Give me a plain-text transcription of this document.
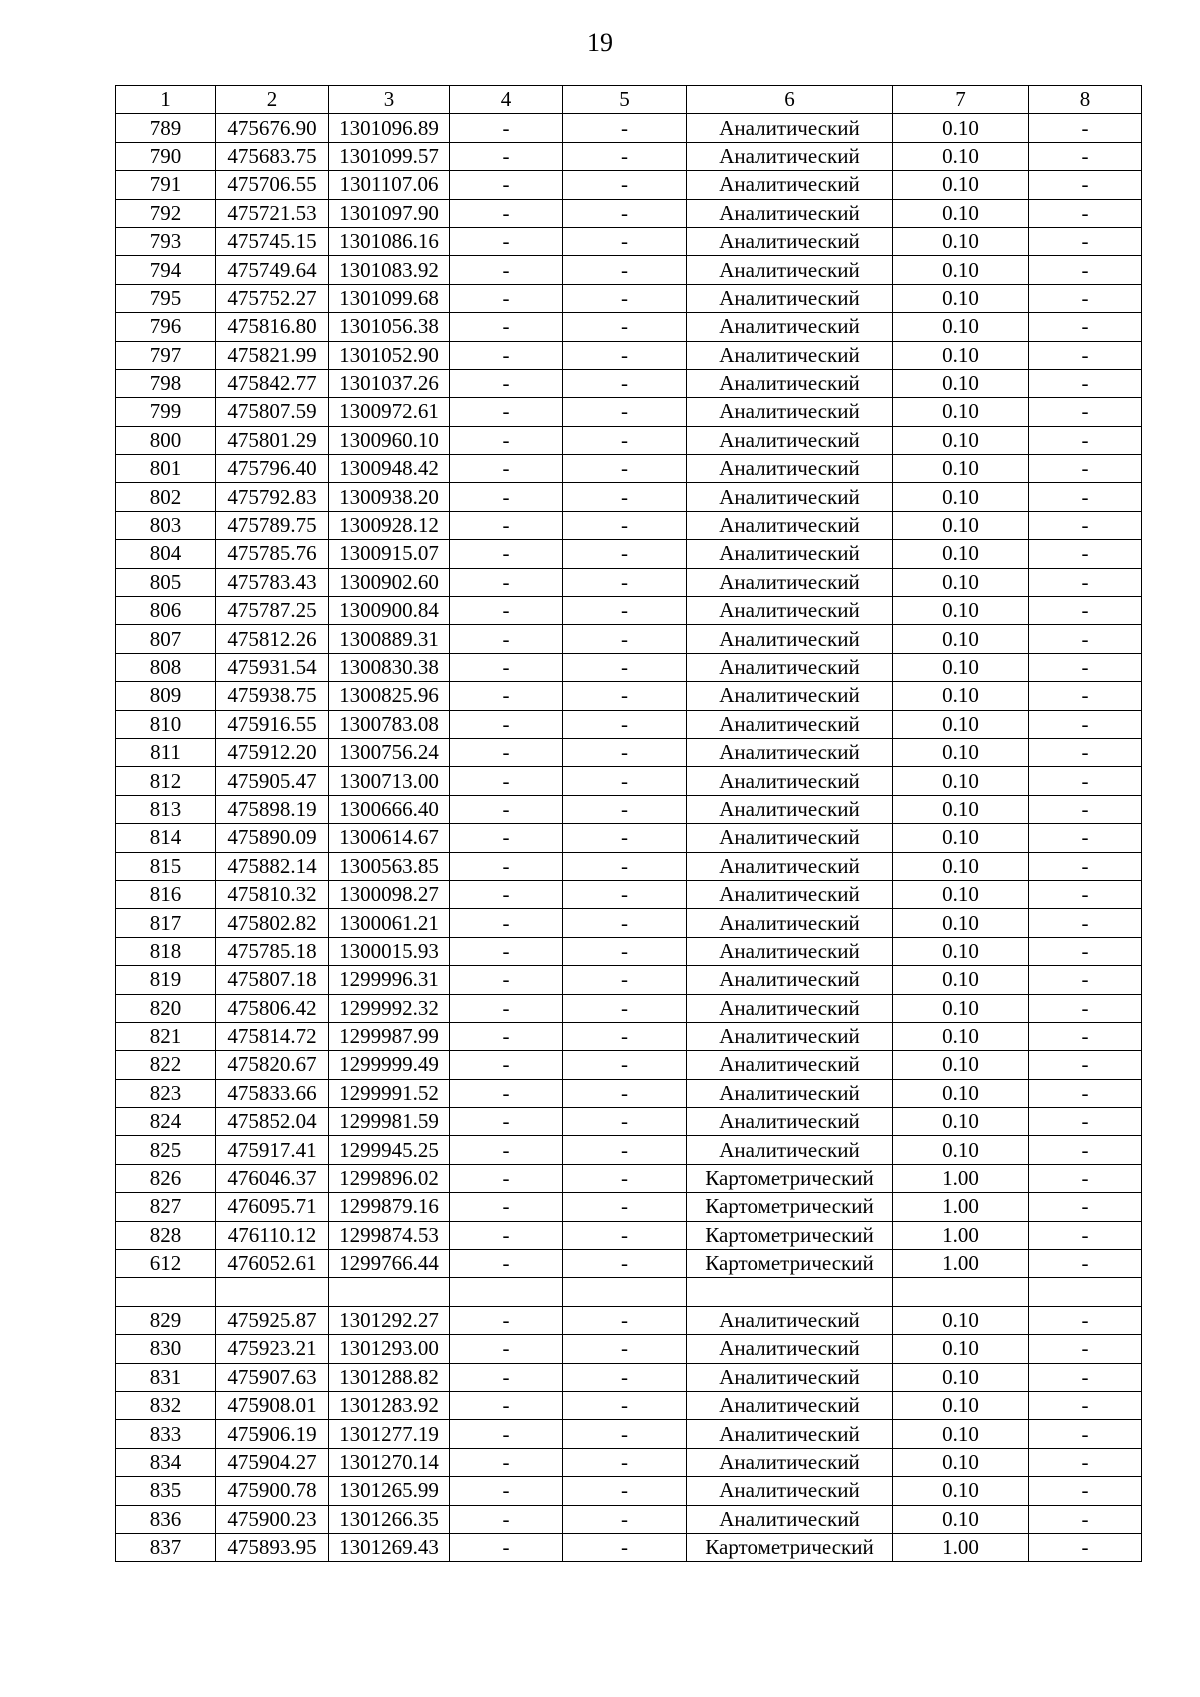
19
1	2	3	4	5	6	7	8
789	475676.90	1301096.89	-	-	Аналитический	0.10	-
790	475683.75	1301099.57	-	-	Аналитический	0.10	-
791	475706.55	1301107.06	-	-	Аналитический	0.10	-
792	475721.53	1301097.90	-	-	Аналитический	0.10	-
793	475745.15	1301086.16	-	-	Аналитический	0.10	-
794	475749.64	1301083.92	-	-	Аналитический	0.10	-
795	475752.27	1301099.68	-	-	Аналитический	0.10	-
796	475816.80	1301056.38	-	-	Аналитический	0.10	-
797	475821.99	1301052.90	-	-	Аналитический	0.10	-
798	475842.77	1301037.26	-	-	Аналитический	0.10	-
799	475807.59	1300972.61	-	-	Аналитический	0.10	-
800	475801.29	1300960.10	-	-	Аналитический	0.10	-
801	475796.40	1300948.42	-	-	Аналитический	0.10	-
802	475792.83	1300938.20	-	-	Аналитический	0.10	-
803	475789.75	1300928.12	-	-	Аналитический	0.10	-
804	475785.76	1300915.07	-	-	Аналитический	0.10	-
805	475783.43	1300902.60	-	-	Аналитический	0.10	-
806	475787.25	1300900.84	-	-	Аналитический	0.10	-
807	475812.26	1300889.31	-	-	Аналитический	0.10	-
808	475931.54	1300830.38	-	-	Аналитический	0.10	-
809	475938.75	1300825.96	-	-	Аналитический	0.10	-
810	475916.55	1300783.08	-	-	Аналитический	0.10	-
811	475912.20	1300756.24	-	-	Аналитический	0.10	-
812	475905.47	1300713.00	-	-	Аналитический	0.10	-
813	475898.19	1300666.40	-	-	Аналитический	0.10	-
814	475890.09	1300614.67	-	-	Аналитический	0.10	-
815	475882.14	1300563.85	-	-	Аналитический	0.10	-
816	475810.32	1300098.27	-	-	Аналитический	0.10	-
817	475802.82	1300061.21	-	-	Аналитический	0.10	-
818	475785.18	1300015.93	-	-	Аналитический	0.10	-
819	475807.18	1299996.31	-	-	Аналитический	0.10	-
820	475806.42	1299992.32	-	-	Аналитический	0.10	-
821	475814.72	1299987.99	-	-	Аналитический	0.10	-
822	475820.67	1299999.49	-	-	Аналитический	0.10	-
823	475833.66	1299991.52	-	-	Аналитический	0.10	-
824	475852.04	1299981.59	-	-	Аналитический	0.10	-
825	475917.41	1299945.25	-	-	Аналитический	0.10	-
826	476046.37	1299896.02	-	-	Картометрический	1.00	-
827	476095.71	1299879.16	-	-	Картометрический	1.00	-
828	476110.12	1299874.53	-	-	Картометрический	1.00	-
612	476052.61	1299766.44	-	-	Картометрический	1.00	-

829	475925.87	1301292.27	-	-	Аналитический	0.10	-
830	475923.21	1301293.00	-	-	Аналитический	0.10	-
831	475907.63	1301288.82	-	-	Аналитический	0.10	-
832	475908.01	1301283.92	-	-	Аналитический	0.10	-
833	475906.19	1301277.19	-	-	Аналитический	0.10	-
834	475904.27	1301270.14	-	-	Аналитический	0.10	-
835	475900.78	1301265.99	-	-	Аналитический	0.10	-
836	475900.23	1301266.35	-	-	Аналитический	0.10	-
837	475893.95	1301269.43	-	-	Картометрический	1.00	-
